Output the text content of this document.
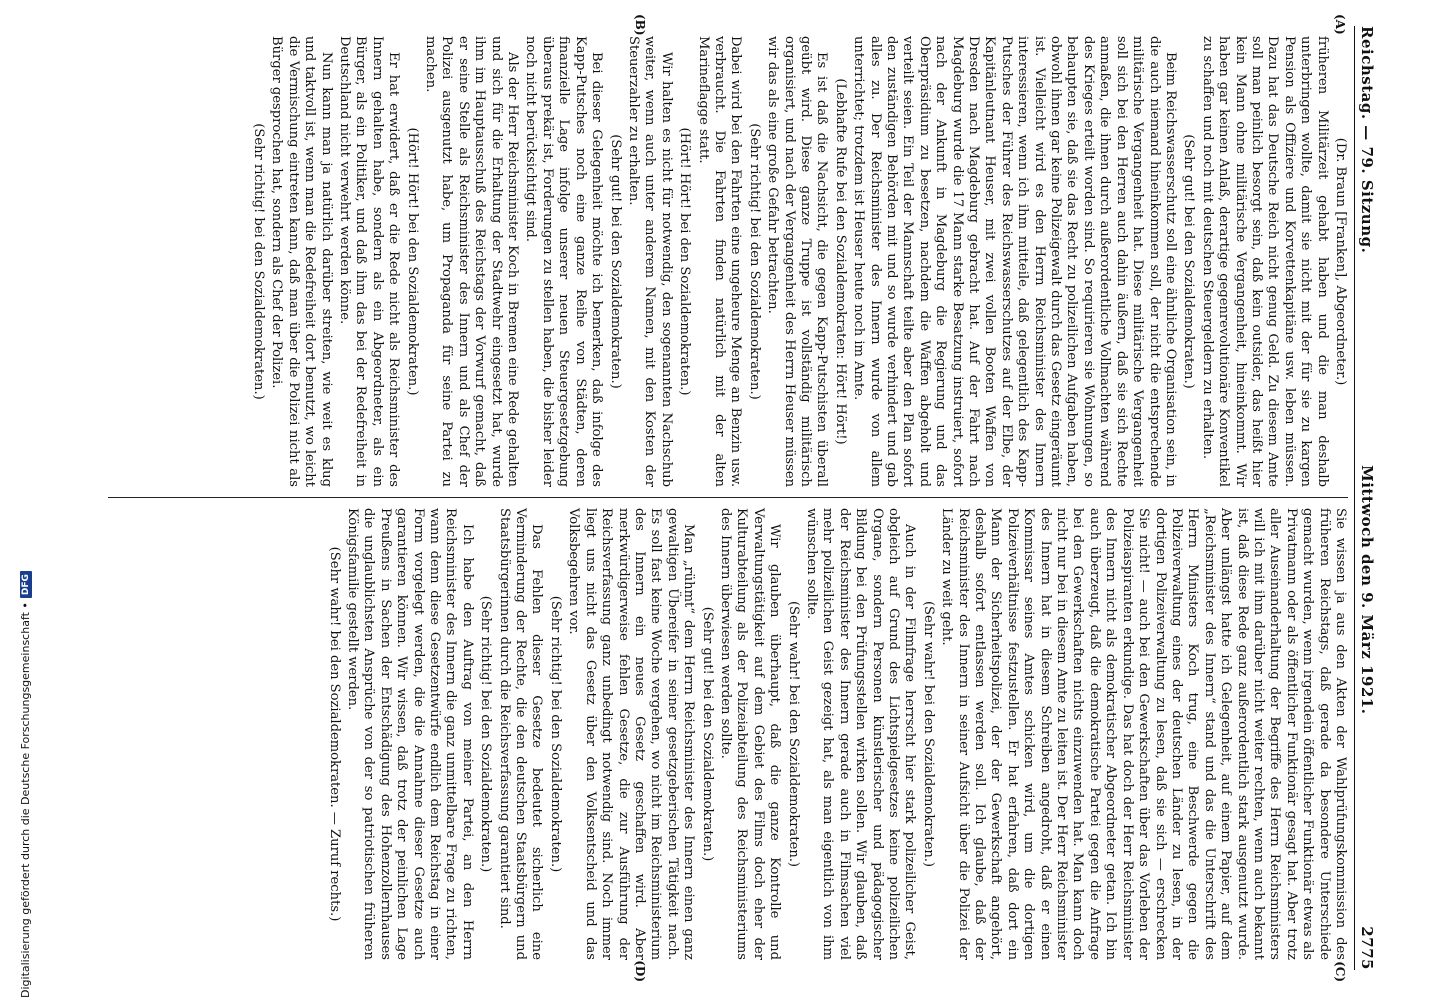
Reichstag. — 79. Sitzung.
Mittwoch den 9. März 1921.
2775
(A)
(B)

(Dr. Braun [Franken], Abgeordneter.)

früheren Militärzeit gehabt haben und die man deshalb unterbringen wollte, damit sie nicht mit der für sie zu kargen Pension als Offiziere und Korvettenkapitäne usw. leben müssen. Dazu hat das Deutsche Reich nicht genug Geld. Zu diesem Amte soll man peinlich besorgt sein, daß kein outsider, das heißt hier kein Mann ohne militärische Vergangenheit, hineinkommt. Wir haben gar keinen Anlaß, derartige gegenrevolutionäre Konventikel zu schaffen und noch mit deutschen Steuergeldern zu erhalten.

(Sehr gut! bei den Sozialdemokraten.)

Beim Reichswasserschutz soll eine ähnliche Organisation sein, in die auch niemand hineinkommen soll, der nicht die entsprechende militärische Vergangenheit hat. Diese militärische Vergangenheit soll sich bei den Herren auch dahin äußern, daß sie sich Rechte anmaßen, die ihnen durch außerordentliche Vollmachten während des Krieges erteilt worden sind. So requirieren sie Wohnungen, so behaupten sie, daß sie das Recht zu polizeilichen Aufgaben haben, obwohl ihnen gar keine Polizeigewalt durch das Gesetz eingeräumt ist. Vielleicht wird es den Herrn Reichsminister des Innern interessieren, wenn ich ihm mitteile, daß gelegentlich des Kapp-Putsches der Führer des Reichswasserschutzes auf der Elbe, der Kapitänleutnant Heuser, mit zwei vollen Booten Waffen von Dresden nach Magdeburg gebracht hat. Auf der Fahrt nach Magdeburg wurde die 17 Mann starke Besatzung instruiert, sofort nach der Ankunft in Magdeburg die Regierung und das Oberpräsidium zu besetzen, nachdem die Waffen abgeholt und verteilt seien. Ein Teil der Mannschaft teilte aber den Plan sofort den zuständigen Behörden mit und so wurde verhindert und gab alles zu. Der Reichsminister des Innern wurde von allem unterrichtet; trotzdem ist Heuser heute noch im Amte.

(Lebhafte Rufe bei den Sozialdemokraten: Hört! Hört!)

Es ist daß die Nachsicht, die gegen Kapp-Putschisten überall geübt wird. Diese ganze Truppe ist vollständig militärisch organisiert, und nach der Vergangenheit des Herrn Heuser müssen wir das als eine große Gefahr betrachten.

(Sehr richtig! bei den Sozialdemokraten.)

Dabei wird bei den Fahrten eine ungeheure Menge an Benzin usw. verbraucht. Die Fahrten finden natürlich mit der alten Marineflagge statt.

(Hört! Hört! bei den Sozialdemokraten.)

Wir halten es nicht für notwendig, den sogenannten Nachschub weiter, wenn auch unter anderem Namen, mit den Kosten der Steuerzahler zu erhalten.

(Sehr gut! bei den Sozialdemokraten.)

Bei dieser Gelegenheit möchte ich bemerken, daß infolge des Kapp-Putsches noch eine ganze Reihe von Städten, deren finanzielle Lage infolge unserer neuen Steuergesetzgebung überaus prekär ist, Forderungen zu stellen haben, die bisher leider noch nicht berücksichtigt sind.

Als der Herr Reichsminister Koch in Bremen eine Rede gehalten und sich für die Erhaltung der Stadtwehr eingesetzt hat, wurde ihm im Hauptausschuß des Reichstags der Vorwurf gemacht, daß er seine Stelle als Reichsminister des Innern und als Chef der Polizei ausgenutzt habe, um Propaganda für seine Partei zu machen.

(Hört! Hört! bei den Sozialdemokraten.)

Er hat erwidert, daß er die Rede nicht als Reichsminister des Innern gehalten habe, sondern als ein Abgeordneter, als ein Bürger, als ein Politiker, und daß ihm das bei der Redefreiheit in Deutschland nicht verwehrt werden könne.

Nun kann man ja natürlich darüber streiten, wie weit es klug und taktvoll ist, wenn man die Redefreiheit dort benutzt, wo leicht die Vermischung eintreten kann, daß man über die Polizei nicht als Bürger gesprochen hat, sondern als Chef der Polizei.

(Sehr richtig! bei den Sozialdemokraten.)

(C)
(D)

Sie wissen ja aus den Akten der Wahlprüfungskommission des früheren Reichstags, daß gerade da besondere Unterschiede gemacht wurden, wenn irgendein öffentlicher Funktionär etwas als Privatmann oder als öffentlicher Funktionär gesagt hat. Aber trotz aller Auseinanderhaltung der Begriffe des Herrn Reichsministers will ich mit ihm darüber nicht weiter rechten, wenn auch bekannt ist, daß diese Rede ganz außerordentlich stark ausgenutzt wurde. Aber unlängst hatte ich Gelegenheit, auf einem Papier, auf dem „Reichsminister des Innern“ stand und das die Unterschrift des Herrn Ministers Koch trug, eine Beschwerde gegen die Polizeiverwaltung eines der deutschen Länder zu lesen, in der dortigen Polizeiverwaltung zu lesen, daß sie sich — erschrecken Sie nicht! — auch bei den Gewerkschaften über das Vorleben der Polizeiaspiranten erkundige. Das hat doch der Herr Reichsminister des Innern nicht als demokratischer Abgeordneter getan. Ich bin auch überzeugt, daß die demokratische Partei gegen die Anfrage bei den Gewerkschaften nichts einzuwenden hat. Man kann doch nicht nur bei in diesem Amte zu leiten ist. Der Herr Reichsminister des Innern hat in diesem Schreiben angedroht, daß er einen Kommissar seines Amtes schicken wird, um die dortigen Polizeiverhältnisse festzustellen. Er hat erfahren, daß dort ein Mann der Sicherheitspolizei, der der Gewerkschaft angehört, deshalb sofort entlassen werden soll. Ich glaube, daß der Reichsminister des Innern in seiner Aufsicht über die Polizei der Länder zu weit geht.

(Sehr wahr! bei den Sozialdemokraten.)

Auch in der Filmfrage herrscht hier stark polizeilicher Geist, obgleich auf Grund des Lichtspielgesetzes keine polizeilichen Organe, sondern Personen künstlerischer und pädagogischer Bildung bei den Prüfungsstellen wirken sollen. Wir glauben, daß der Reichsminister des Innern gerade auch in Filmsachen viel mehr polizeilichen Geist gezeigt hat, als man eigentlich von ihm wünschen sollte.

(Sehr wahr! bei den Sozialdemokraten.)

Wir glauben überhaupt, daß die ganze Kontrolle und Verwaltungstätigkeit auf dem Gebiet des Films doch eher der Kulturabteilung als der Polizeiabteilung des Reichsministeriums des Innern überwiesen werden sollte.

(Sehr gut! bei den Sozialdemokraten.)

Man „rühmt“ dem Herrn Reichsminister des Innern einen ganz gewaltigen Übereifer in seiner gesetzgeberischen Tätigkeit nach. Es soll fast keine Woche vergehen, wo nicht im Reichsministerium des Innern ein neues Gesetz geschaffen wird. Aber merkwürdigerweise fehlen Gesetze, die zur Ausführung der Reichsverfassung ganz unbedingt notwendig sind. Noch immer liegt uns nicht das Gesetz über den Volksentscheid und das Volksbegehren vor.

(Sehr richtig! bei den Sozialdemokraten.)

Das Fehlen dieser Gesetze bedeutet sicherlich eine Verminderung der Rechte, die den deutschen Staatsbürgern und Staatsbürgerinnen durch die Reichsverfassung garantiert sind.

(Sehr richtig! bei den Sozialdemokraten.)

Ich habe den Auftrag von meiner Partei, an den Herrn Reichsminister des Innern die ganz unmittelbare Frage zu richten, wann denn diese Gesetzentwürfe endlich dem Reichstag in einer Form vorgelegt werden, die die Annahme dieser Gesetze auch garantieren können. Wir wissen, daß trotz der peinlichen Lage Preußens in Sachen der Entschädigung des Hohenzollernhauses die unglaublichsten Ansprüche von der so patriotischen früheren Königsfamilie gestellt werden.

(Sehr wahr! bei den Sozialdemokraten. — Zuruf rechts.)

Digitalisierung gefördert durch die Deutsche Forschungsgemeinschaft •
DFG
